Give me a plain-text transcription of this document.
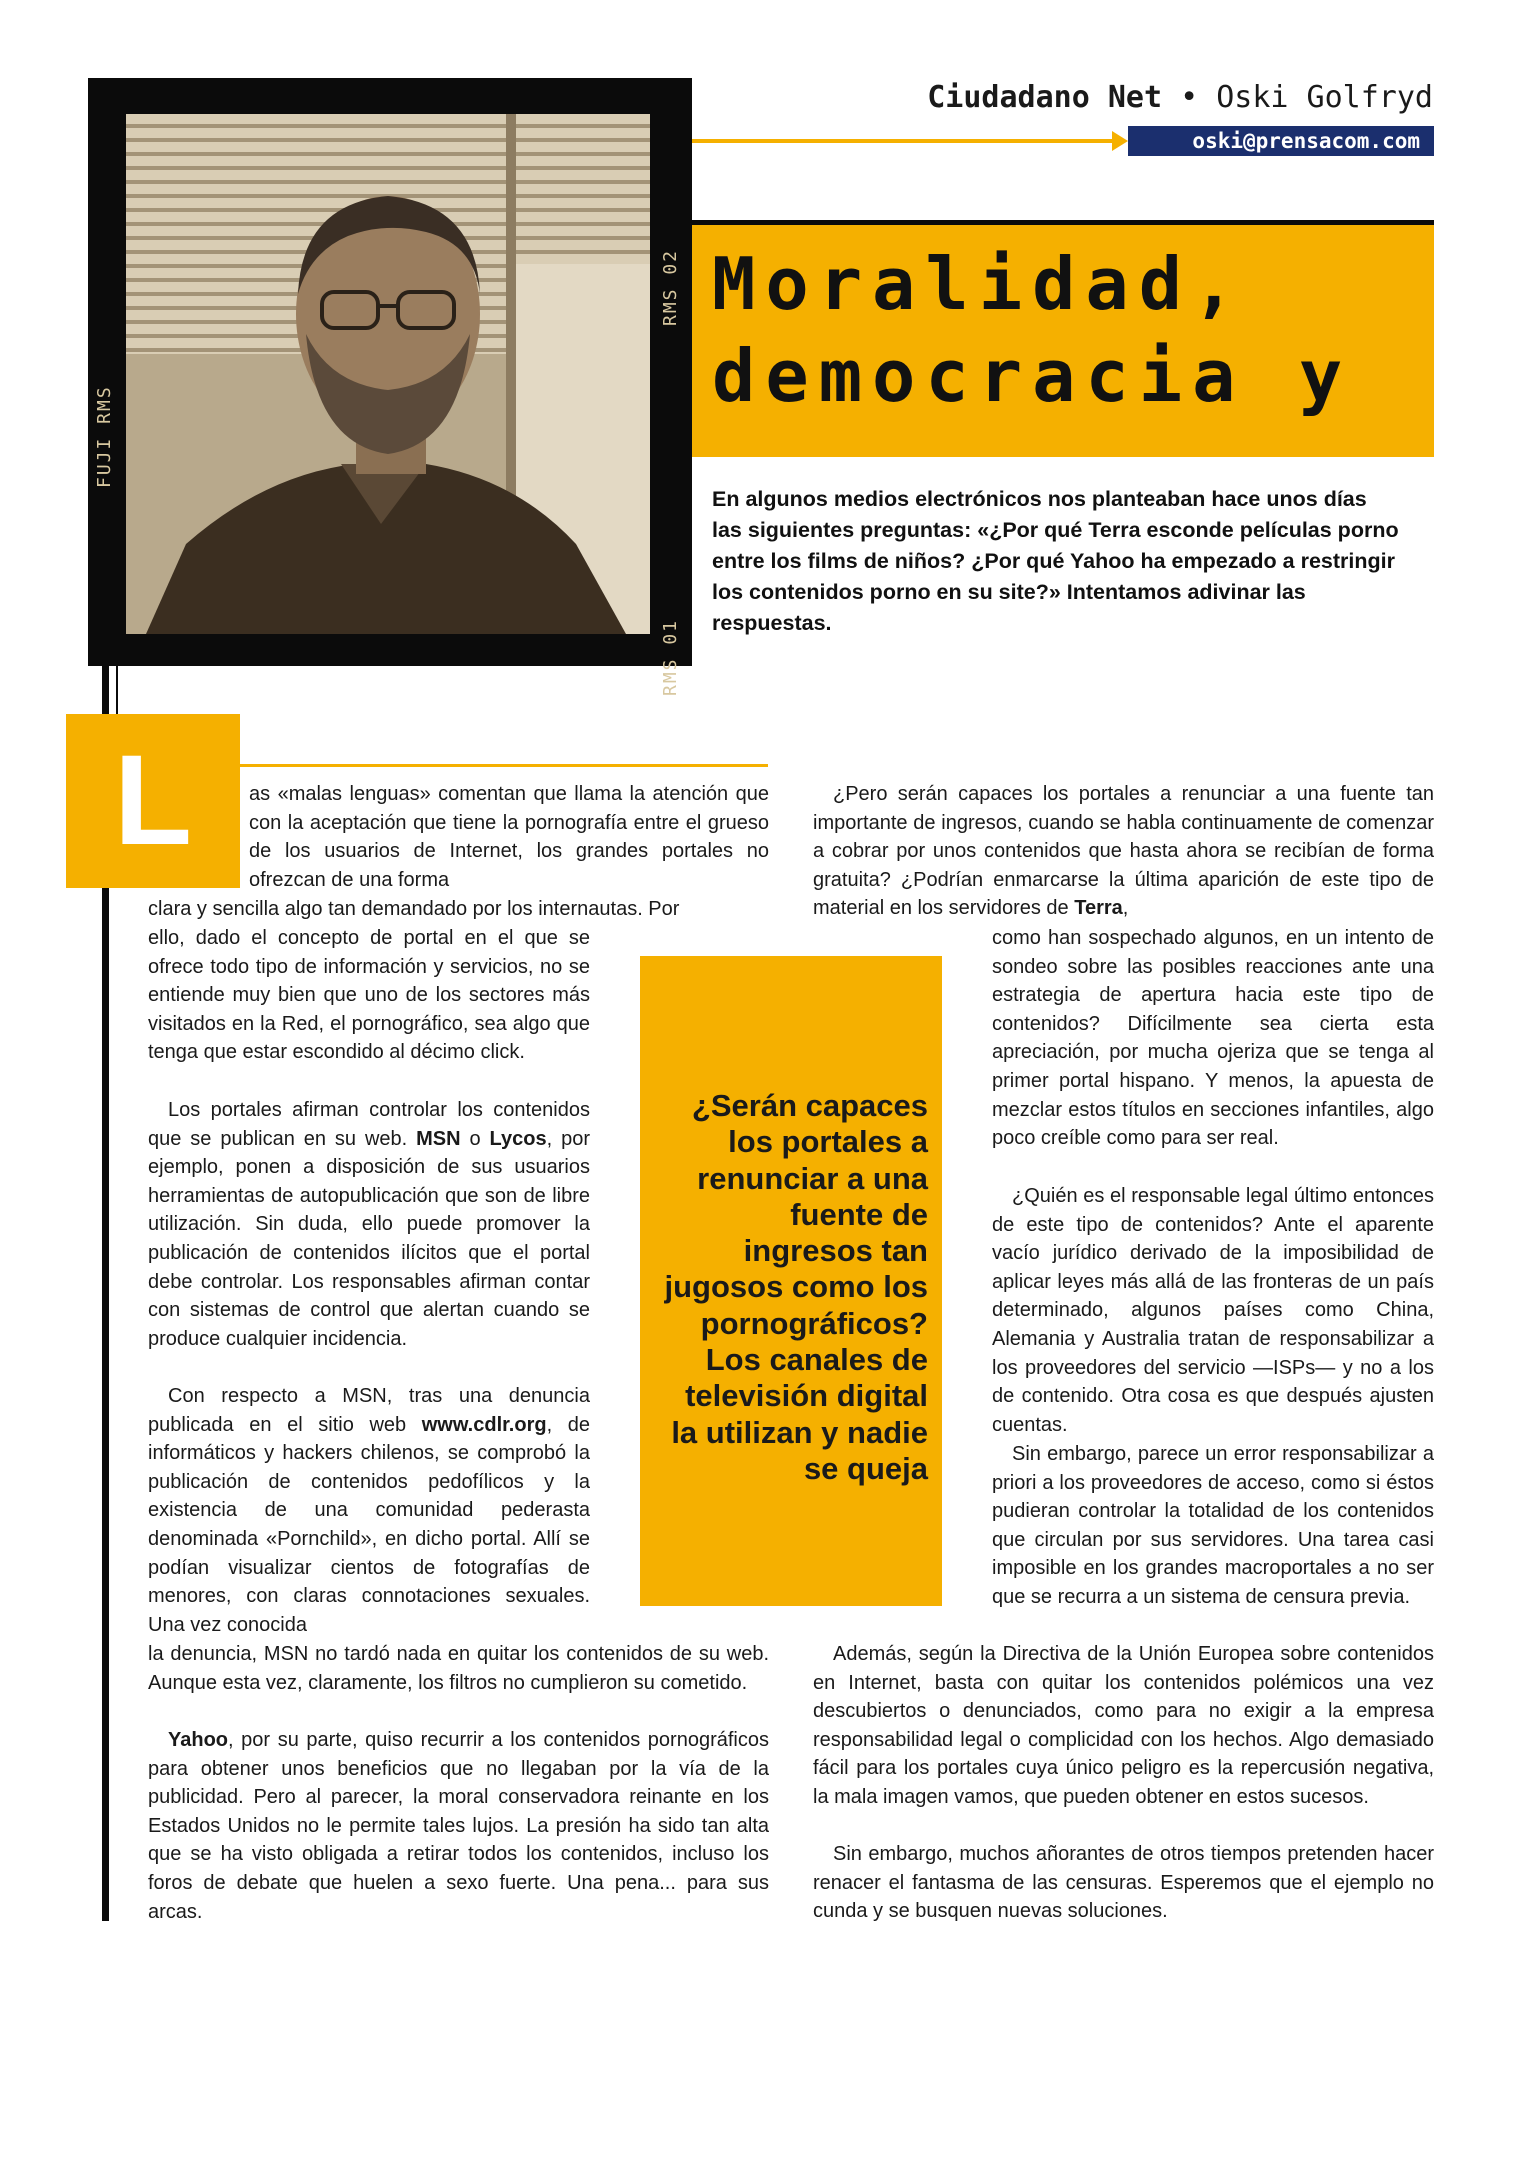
FUJI RMS
RMS 02
RMS 01
Ciudadano Net • Oski Golfryd
oski@prensacom.com
Moralidad,
democracia y

En algunos medios electrónicos nos planteaban hace unos días las siguientes preguntas: «¿Por qué Terra esconde películas porno entre los films de niños? ¿Por qué Yahoo ha empezado a restringir los contenidos porno en su site?» Intentamos adivinar las respuestas.

L	as «malas lenguas» comentan que llama la atención que con la aceptación que tiene la pornografía entre el grueso de los usuarios de Internet, los grandes portales no ofrezcan de una forma

clara y sencilla algo tan demandado por los internautas. Por

ello, dado el concepto de portal en el que se ofrece todo tipo de información y servicios, no se entiende muy bien que uno de los sectores más visitados en la Red, el pornográfico, sea algo que tenga que estar escondido al décimo click.

Los portales afirman controlar los contenidos que se publican en su web. MSN o Lycos, por ejemplo, ponen a disposición de sus usuarios herramientas de autopublicación que son de libre utilización. Sin duda, ello puede promover la publicación de contenidos ilícitos que el portal debe controlar. Los responsables afirman contar con sistemas de control que alertan cuando se produce cualquier incidencia.

Con respecto a MSN, tras una denuncia publicada en el sitio web www.cdlr.org, de informáticos y hackers chilenos, se comprobó la publicación de contenidos pedofílicos y la existencia de una comunidad pederasta denominada «Pornchild», en dicho portal. Allí se podían visualizar cientos de fotografías de menores, con claras connotaciones sexuales. Una vez conocida

la denuncia, MSN no tardó nada en quitar los contenidos de su web. Aunque esta vez, claramente, los filtros no cumplieron su cometido.

Yahoo, por su parte, quiso recurrir a los contenidos pornográficos para obtener unos beneficios que no llegaban por la vía de la publicidad. Pero al parecer, la moral conservadora reinante en los Estados Unidos no le permite tales lujos. La presión ha sido tan alta que se ha visto obligada a retirar todos los contenidos, incluso los foros de debate que huelen a sexo fuerte. Una pena... para sus arcas.

¿Serán capaces los portales a renunciar a una fuente de ingresos tan jugosos como los pornográficos? Los canales de televisión digital la utilizan y nadie se queja

¿Pero serán capaces los portales a renunciar a una fuente tan importante de ingresos, cuando se habla continuamente de comenzar a cobrar por unos contenidos que hasta ahora se recibían de forma gratuita? ¿Podrían enmarcarse la última aparición de este tipo de material en los servidores de Terra,

como han sospechado algunos, en un intento de sondeo sobre las posibles reacciones ante una estrategia de apertura hacia este tipo de contenidos? Difícilmente sea cierta esta apreciación, por mucha ojeriza que se tenga al primer portal hispano. Y menos, la apuesta de mezclar estos títulos en secciones infantiles, algo poco creíble como para ser real.

¿Quién es el responsable legal último entonces de este tipo de contenidos? Ante el aparente vacío jurídico derivado de la imposibilidad de aplicar leyes más allá de las fronteras de un país determinado, algunos países como China, Alemania y Australia tratan de responsabilizar a los proveedores del servicio —ISPs— y no a los de contenido. Otra cosa es que después ajusten cuentas.

Sin embargo, parece un error responsabilizar a priori a los proveedores de acceso, como si éstos pudieran controlar la totalidad de los contenidos que circulan por sus servidores. Una tarea casi imposible en los grandes macroportales a no ser que se recurra a un sistema de censura previa.

Además, según la Directiva de la Unión Europea sobre contenidos en Internet, basta con quitar los contenidos polémicos una vez descubiertos o denunciados, como para no exigir a la empresa responsabilidad legal o complicidad con los hechos. Algo demasiado fácil para los portales cuya único peligro es la repercusión negativa, la mala imagen vamos, que pueden obtener en estos sucesos.

Sin embargo, muchos añorantes de otros tiempos pretenden hacer renacer el fantasma de las censuras. Esperemos que el ejemplo no cunda y se busquen nuevas soluciones.
